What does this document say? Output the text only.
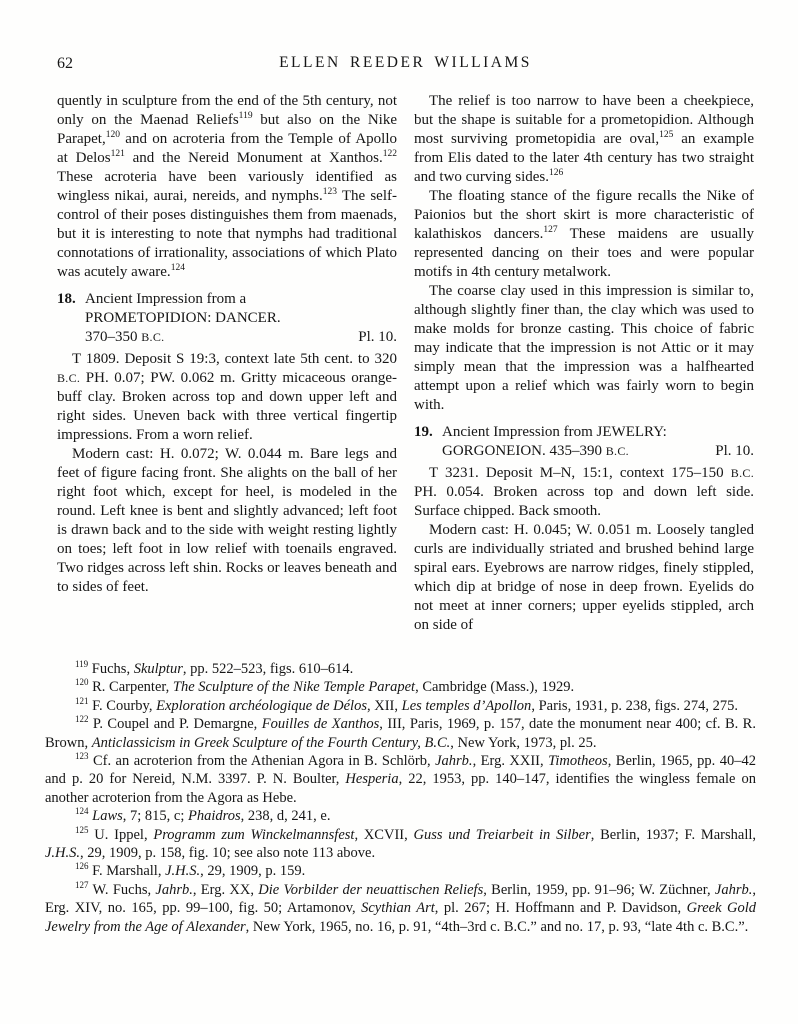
62	ELLEN REEDER WILLIAMS

quently in sculpture from the end of the 5th century, not only on the Maenad Reliefs$^{119}$ but also on the Nike Parapet,$^{120}$ and on acroteria from the Temple of Apollo at Delos$^{121}$ and the Nereid Monument at Xanthos.$^{122}$ These acroteria have been variously identified as wingless nikai, aurai, nereids, and nymphs.$^{123}$ The self-control of their poses distinguishes them from maenads, but it is interesting to note that nymphs had traditional connotations of irrationality, associations of which Plato was acutely aware.$^{124}$

18. Ancient Impression from a
PROMETOPIDION: DANCER.
370–350 B.C.	Pl. 10.

T 1809. Deposit S 19:3, context late 5th cent. to 320 B.C. PH. 0.07; PW. 0.062 m. Gritty micaceous orange-buff clay. Broken across top and down upper left and right sides. Uneven back with three vertical fingertip impressions. From a worn relief.

Modern cast: H. 0.072; W. 0.044 m. Bare legs and feet of figure facing front. She alights on the ball of her right foot which, except for heel, is modeled in the round. Left knee is bent and slightly advanced; left foot is drawn back and to the side with weight resting lightly on toes; left foot in low relief with toenails engraved. Two ridges across left shin. Rocks or leaves beneath and to sides of feet.

The relief is too narrow to have been a cheekpiece, but the shape is suitable for a prometopidion. Although most surviving prometopidia are oval,$^{125}$ an example from Elis dated to the later 4th century has two straight and two curving sides.$^{126}$

The floating stance of the figure recalls the Nike of Paionios but the short skirt is more characteristic of kalathiskos dancers.$^{127}$ These maidens are usually represented dancing on their toes and were popular motifs in 4th century metalwork.

The coarse clay used in this impression is similar to, although slightly finer than, the clay which was used to make molds for bronze casting. This choice of fabric may indicate that the impression is not Attic or it may simply mean that the impression was a halfhearted attempt upon a relief which was fairly worn to begin with.

19. Ancient Impression from JEWELRY:
GORGONEION. 435–390 B.C.	Pl. 10.

T 3231. Deposit M–N, 15:1, context 175–150 B.C. PH. 0.054. Broken across top and down left side. Surface chipped. Back smooth.

Modern cast: H. 0.045; W. 0.051 m. Loosely tangled curls are individually striated and brushed behind large spiral ears. Eyebrows are narrow ridges, finely stippled, which dip at bridge of nose in deep frown. Eyelids do not meet at inner corners; upper eyelids stippled, arch on side of

$^{119}$ Fuchs, Skulptur, pp. 522–523, figs. 610–614.

$^{120}$ R. Carpenter, The Sculpture of the Nike Temple Parapet, Cambridge (Mass.), 1929.

$^{121}$ F. Courby, Exploration archéologique de Délos, XII, Les temples d’Apollon, Paris, 1931, p. 238, figs. 274, 275.

$^{122}$ P. Coupel and P. Demargne, Fouilles de Xanthos, III, Paris, 1969, p. 157, date the monument near 400; cf. B. R. Brown, Anticlassicism in Greek Sculpture of the Fourth Century, B.C., New York, 1973, pl. 25.

$^{123}$ Cf. an acroterion from the Athenian Agora in B. Schlörb, Jahrb., Erg. XXII, Timotheos, Berlin, 1965, pp. 40–42 and p. 20 for Nereid, N.M. 3397. P. N. Boulter, Hesperia, 22, 1953, pp. 140–147, identifies the wingless female on another acroterion from the Agora as Hebe.

$^{124}$ Laws, 7; 815, c; Phaidros, 238, d, 241, e.

$^{125}$ U. Ippel, Programm zum Winckelmannsfest, XCVII, Guss und Treiarbeit in Silber, Berlin, 1937; F. Marshall, J.H.S., 29, 1909, p. 158, fig. 10; see also note 113 above.

$^{126}$ F. Marshall, J.H.S., 29, 1909, p. 159.

$^{127}$ W. Fuchs, Jahrb., Erg. XX, Die Vorbilder der neuattischen Reliefs, Berlin, 1959, pp. 91–96; W. Züchner, Jahrb., Erg. XIV, no. 165, pp. 99–100, fig. 50; Artamonov, Scythian Art, pl. 267; H. Hoffmann and P. Davidson, Greek Gold Jewelry from the Age of Alexander, New York, 1965, no. 16, p. 91, “4th–3rd c. B.C.” and no. 17, p. 93, “late 4th c. B.C.”.
